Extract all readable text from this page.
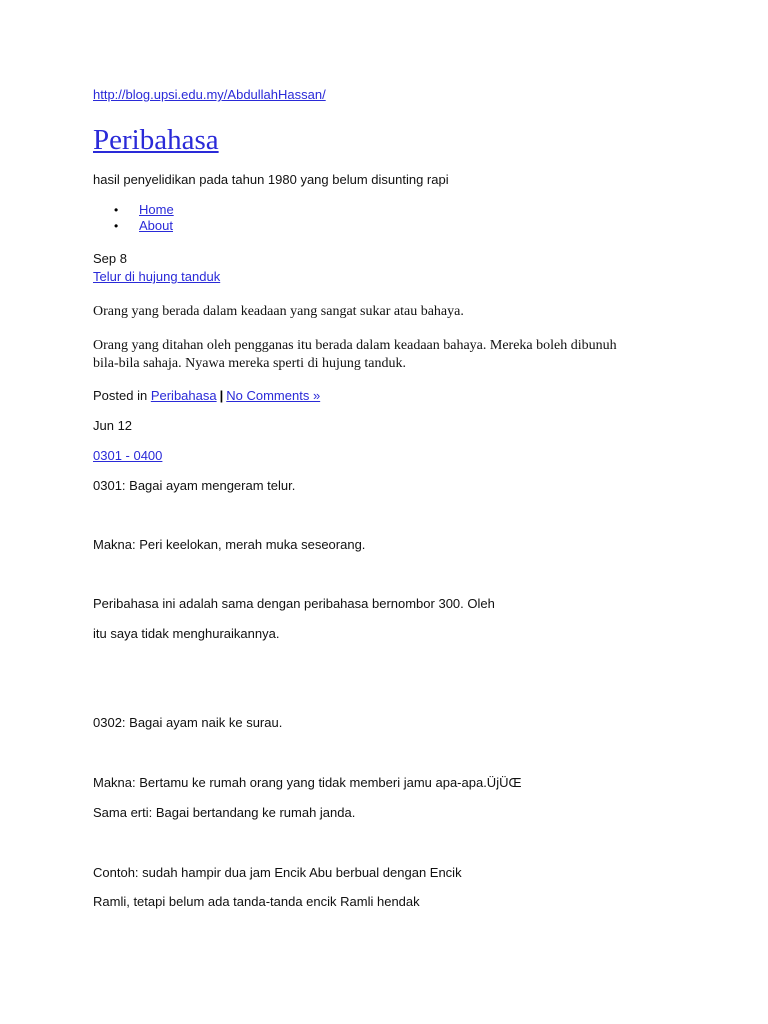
http://blog.upsi.edu.my/AbdullahHassan/
Peribahasa
hasil penyelidikan pada tahun 1980 yang belum disunting rapi
• Home
• About
Sep 8
Telur di hujung tanduk
Orang yang berada dalam keadaan yang sangat sukar atau bahaya.
Orang yang ditahan oleh pengganas itu berada dalam keadaan bahaya. Mereka boleh dibunuh
bila-bila sahaja. Nyawa mereka sperti di hujung tanduk.
Posted in Peribahasa | No Comments »
Jun 12
0301 - 0400
0301: Bagai ayam mengeram telur.
Makna: Peri keelokan, merah muka seseorang.
Peribahasa ini adalah sama dengan peribahasa bernombor 300. Oleh
itu saya tidak menghuraikannya.
0302: Bagai ayam naik ke surau.
Makna: Bertamu ke rumah orang yang tidak memberi jamu apa-apa.ÜjÜŒ
Sama erti: Bagai bertandang ke rumah janda.
Contoh: sudah hampir dua jam Encik Abu berbual dengan Encik
Ramli, tetapi belum ada tanda-tanda encik Ramli hendak
